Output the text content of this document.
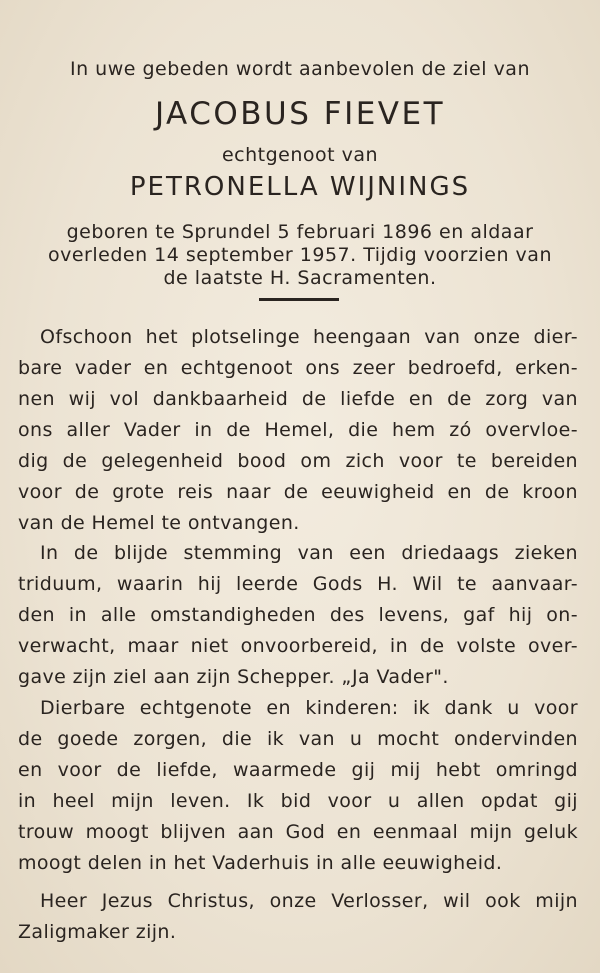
In uwe gebeden wordt aanbevolen de ziel van
JACOBUS FIEVET
echtgenoot van
PETRONELLA WIJNINGS
geboren te Sprundel 5 februari 1896 en aldaar
overleden 14 september 1957. Tijdig voorzien van
de laatste H. Sacramenten.
Ofschoon het plotselinge heengaan van onze dier-
bare vader en echtgenoot ons zeer bedroefd, erken-
nen wij vol dankbaarheid de liefde en de zorg van
ons aller Vader in de Hemel, die hem zó overvloe-
dig de gelegenheid bood om zich voor te bereiden
voor de grote reis naar de eeuwigheid en de kroon
van de Hemel te ontvangen.
In de blijde stemming van een driedaags zieken
triduum, waarin hij leerde Gods H. Wil te aanvaar-
den in alle omstandigheden des levens, gaf hij on-
verwacht, maar niet onvoorbereid, in de volste over-
gave zijn ziel aan zijn Schepper. „Ja Vader".
Dierbare echtgenote en kinderen: ik dank u voor
de goede zorgen, die ik van u mocht ondervinden
en voor de liefde, waarmede gij mij hebt omringd
in heel mijn leven. Ik bid voor u allen opdat gij
trouw moogt blijven aan God en eenmaal mijn geluk
moogt delen in het Vaderhuis in alle eeuwigheid.
Heer Jezus Christus, onze Verlosser, wil ook mijn
Zaligmaker zijn.
